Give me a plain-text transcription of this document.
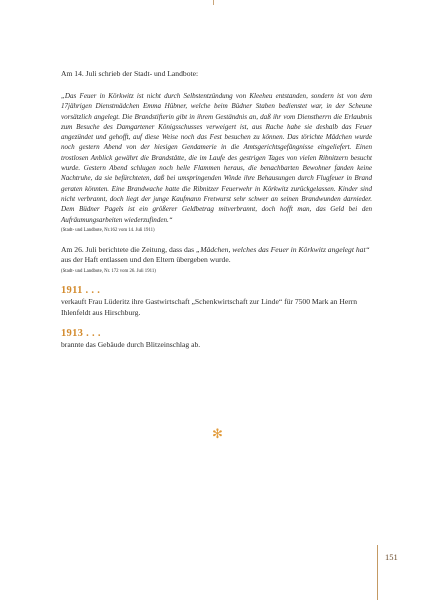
Am 14. Juli schrieb der Stadt- und Landbote:

„Das Feuer in Körkwitz ist nicht durch Selbstentzündung von Kleeheu entstanden, sondern ist von dem 17jährigen Dienstmädchen Emma Hübner, welche beim Büdner Staben bedienstet war, in der Scheune vorsätzlich angelegt. Die Brandstifterin gibt in ihrem Geständnis an, daß ihr vom Dienstherrn die Erlaubnis zum Besuche des Damgartener Königsschusses verweigert ist, aus Rache habe sie deshalb das Feuer angezündet und gehofft, auf diese Weise noch das Fest besuchen zu können. Das törichte Mädchen wurde noch gestern Abend von der hiesigen Gendamerie in die Amtsgerichtsgefängnisse eingeliefert. Einen trostlosen Anblick gewährt die Brandstätte, die im Laufe des gestrigen Tages von vielen Ribnitzern besucht wurde. Gestern Abend schlugen noch helle Flammen heraus, die benachbarten Bewohner fanden keine Nachtruhe, da sie befürchteten, daß bei umspringenden Winde ihre Behausungen durch Flugfeuer in Brand geraten könnten. Eine Brandwache hatte die Ribnitzer Feuerwehr in Körkwitz zurückgelassen. Kinder sind nicht verbrannt, doch liegt der junge Kaufmann Fretwurst sehr schwer an seinen Brandwunden darnieder. Dem Büdner Pagels ist ein größerer Geldbetrag mitverbrannt, doch hofft man, das Geld bei den Aufräumungsarbeiten wiederzufinden.“

(Stadt- und Landbote, Nr.162 vom 14. Juli 1911)

Am 26. Juli berichtete die Zeitung, dass das „Mädchen, welches das Feuer in Körkwitz angelegt hat“ aus der Haft entlassen und den Eltern übergeben wurde.

(Stadt- und Landbote, Nr. 172 vom 26. Juli 1911)

1911 . . .

verkauft Frau Lüderitz ihre Gastwirtschaft „Schenkwirtschaft zur Linde“ für 7500 Mark an Herrn Ihlenfeldt aus Hirschburg.

1913 . . .

brannte das Gebäude durch Blitzeinschlag ab.

✻
151
